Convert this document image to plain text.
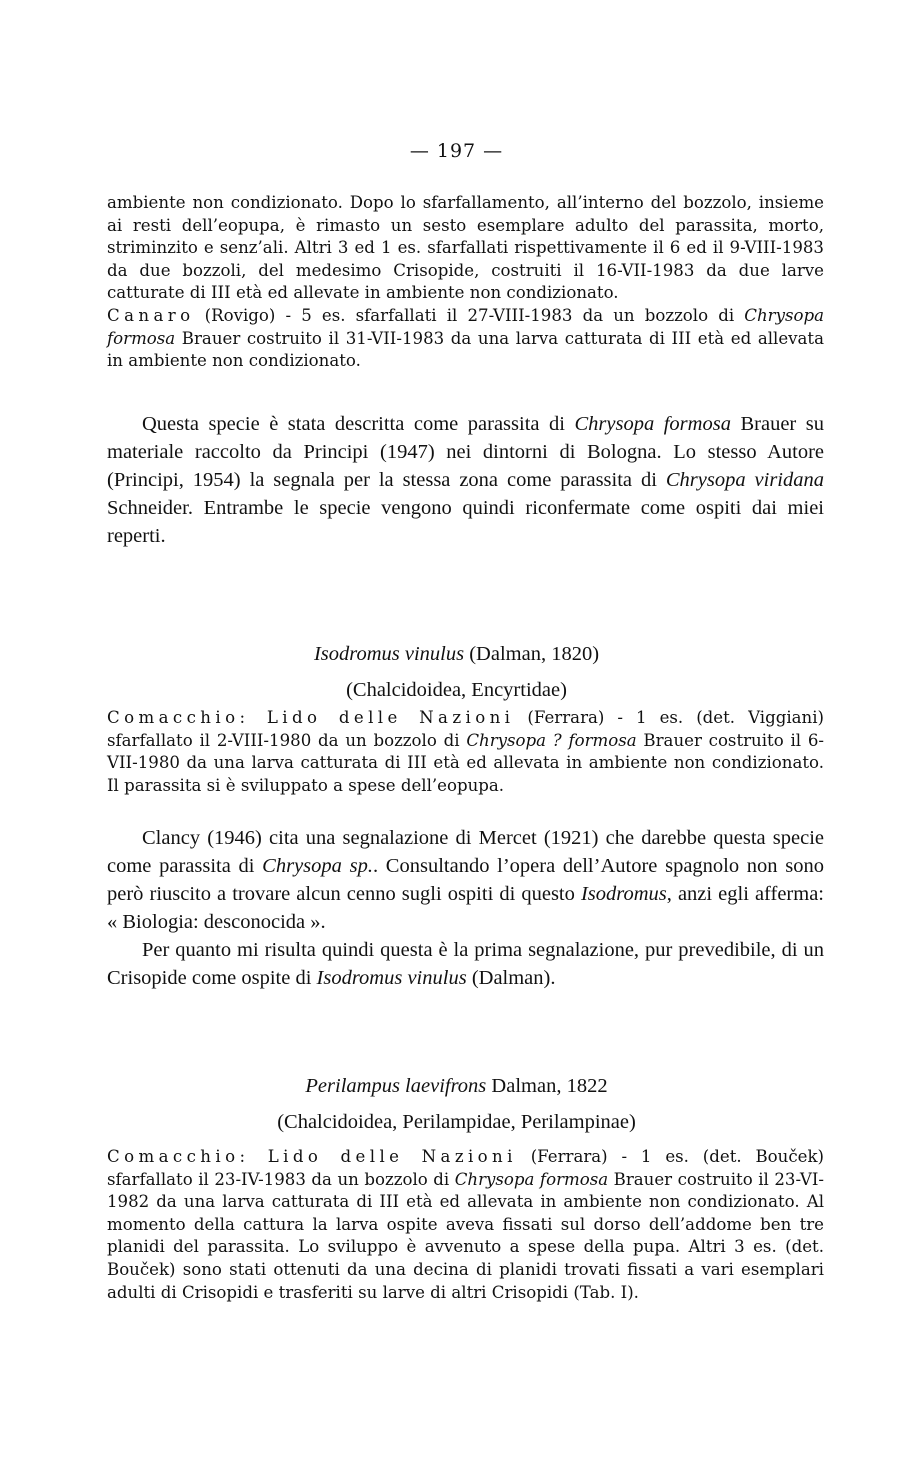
— 197 —

ambiente non condizionato. Dopo lo sfarfallamento, all’interno del bozzolo, insieme ai resti dell’eopupa, è rimasto un sesto esemplare adulto del parassita, morto, striminzito e senz’ali. Altri 3 ed 1 es. sfarfallati rispettivamente il 6 ed il 9-VIII-1983 da due bozzoli, del medesimo Crisopide, costruiti il 16-VII-1983 da due larve catturate di III età ed allevate in ambiente non condizionato.

Canaro (Rovigo) - 5 es. sfarfallati il 27-VIII-1983 da un bozzolo di Chrysopa formosa Brauer costruito il 31-VII-1983 da una larva catturata di III età ed allevata in ambiente non condizionato.

Questa specie è stata descritta come parassita di Chrysopa formosa Brauer su materiale raccolto da Principi (1947) nei dintorni di Bologna. Lo stesso Autore (Principi, 1954) la segnala per la stessa zona come parassita di Chrysopa viridana Schneider. Entrambe le specie vengono quindi riconfermate come ospiti dai miei reperti.

Isodromus vinulus (Dalman, 1820)
(Chalcidoidea, Encyrtidae)

Comacchio: Lido delle Nazioni (Ferrara) - 1 es. (det. Viggiani) sfarfallato il 2-VIII-1980 da un bozzolo di Chrysopa ? formosa Brauer costruito il 6-VII-1980 da una larva catturata di III età ed allevata in ambiente non condizionato. Il parassita si è sviluppato a spese dell’eopupa.

Clancy (1946) cita una segnalazione di Mercet (1921) che darebbe questa specie come parassita di Chrysopa sp.. Consultando l’opera dell’Autore spagnolo non sono però riuscito a trovare alcun cenno sugli ospiti di questo Isodromus, anzi egli afferma: « Biologia: desconocida ».

Per quanto mi risulta quindi questa è la prima segnalazione, pur prevedibile, di un Crisopide come ospite di Isodromus vinulus (Dalman).

Perilampus laevifrons Dalman, 1822
(Chalcidoidea, Perilampidae, Perilampinae)

Comacchio: Lido delle Nazioni (Ferrara) - 1 es. (det. Bouček) sfarfallato il 23-IV-1983 da un bozzolo di Chrysopa formosa Brauer costruito il 23-VI-1982 da una larva catturata di III età ed allevata in ambiente non condizionato. Al momento della cattura la larva ospite aveva fissati sul dorso dell’addome ben tre planidi del parassita. Lo sviluppo è avvenuto a spese della pupa. Altri 3 es. (det. Bouček) sono stati ottenuti da una decina di planidi trovati fissati a vari esemplari adulti di Crisopidi e trasferiti su larve di altri Crisopidi (Tab. I).
